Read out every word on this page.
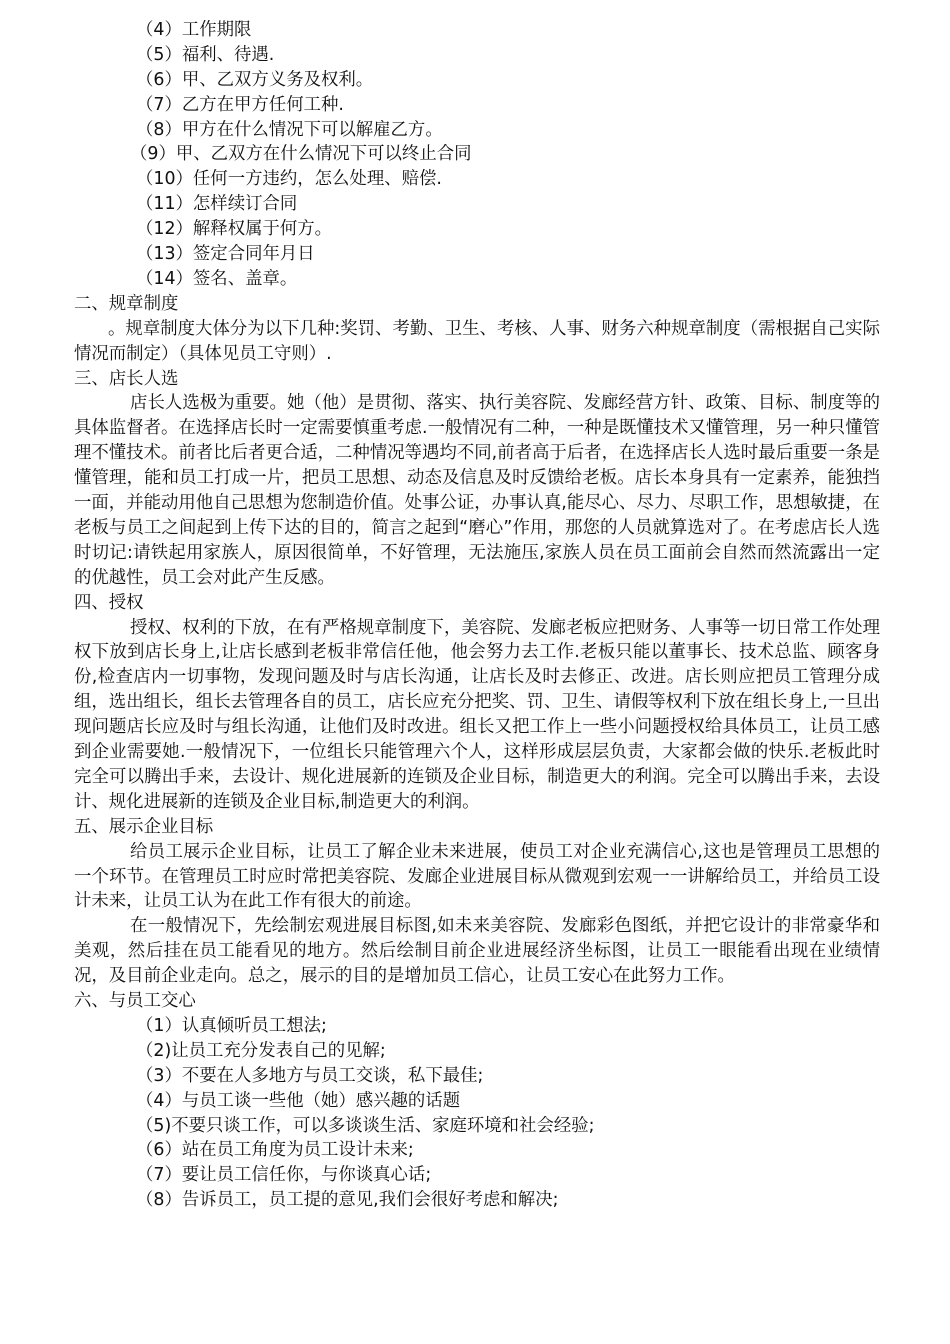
（4）工作期限
（5）福利、待遇.
（6）甲、乙双方义务及权利。
（7）乙方在甲方任何工种.
（8）甲方在什么情况下可以解雇乙方。
（9）甲、乙双方在什么情况下可以终止合同
（10）任何一方违约，怎么处理、赔偿.
（11）怎样续订合同
（12）解释权属于何方。
（13）签定合同年月日
（14）签名、盖章。
二、规章制度
。规章制度大体分为以下几种:奖罚、考勤、卫生、考核、人事、财务六种规章制度（需根据自己实际情况而制定）（具体见员工守则）.
三、店长人选
店长人选极为重要。她（他）是贯彻、落实、执行美容院、发廊经营方针、政策、目标、制度等的具体监督者。在选择店长时一定需要慎重考虑.一般情况有二种，一种是既懂技术又懂管理，另一种只懂管理不懂技术。前者比后者更合适，二种情况等遇均不同,前者高于后者，在选择店长人选时最后重要一条是懂管理，能和员工打成一片，把员工思想、动态及信息及时反馈给老板。店长本身具有一定素养，能独挡一面，并能动用他自己思想为您制造价值。处事公证，办事认真,能尽心、尽力、尽职工作，思想敏捷，在老板与员工之间起到上传下达的目的，简言之起到“磨心”作用，那您的人员就算选对了。在考虑店长人选时切记:请铁起用家族人，原因很简单，不好管理，无法施压,家族人员在员工面前会自然而然流露出一定的优越性，员工会对此产生反感。
四、授权
授权、权利的下放，在有严格规章制度下，美容院、发廊老板应把财务、人事等一切日常工作处理权下放到店长身上,让店长感到老板非常信任他，他会努力去工作.老板只能以董事长、技术总监、顾客身份,检查店内一切事物，发现问题及时与店长沟通，让店长及时去修正、改进。店长则应把员工管理分成组，选出组长，组长去管理各自的员工，店长应充分把奖、罚、卫生、请假等权利下放在组长身上,一旦出现问题店长应及时与组长沟通，让他们及时改进。组长又把工作上一些小问题授权给具体员工，让员工感到企业需要她.一般情况下，一位组长只能管理六个人，这样形成层层负责，大家都会做的快乐.老板此时完全可以腾出手来，去设计、规化进展新的连锁及企业目标，制造更大的利润。完全可以腾出手来，去设计、规化进展新的连锁及企业目标,制造更大的利润。
五、展示企业目标
给员工展示企业目标，让员工了解企业未来进展，使员工对企业充满信心,这也是管理员工思想的一个环节。在管理员工时应时常把美容院、发廊企业进展目标从微观到宏观一一讲解给员工，并给员工设计未来，让员工认为在此工作有很大的前途。
在一般情况下，先绘制宏观进展目标图,如未来美容院、发廊彩色图纸，并把它设计的非常豪华和美观，然后挂在员工能看见的地方。然后绘制目前企业进展经济坐标图，让员工一眼能看出现在业绩情况，及目前企业走向。总之，展示的目的是增加员工信心，让员工安心在此努力工作。
六、与员工交心
（1）认真倾听员工想法;
（2)让员工充分发表自己的见解;
（3）不要在人多地方与员工交谈，私下最佳;
（4）与员工谈一些他（她）感兴趣的话题
（5)不要只谈工作，可以多谈谈生活、家庭环境和社会经验;
（6）站在员工角度为员工设计未来;
（7）要让员工信任你，与你谈真心话;
（8）告诉员工，员工提的意见,我们会很好考虑和解决;
